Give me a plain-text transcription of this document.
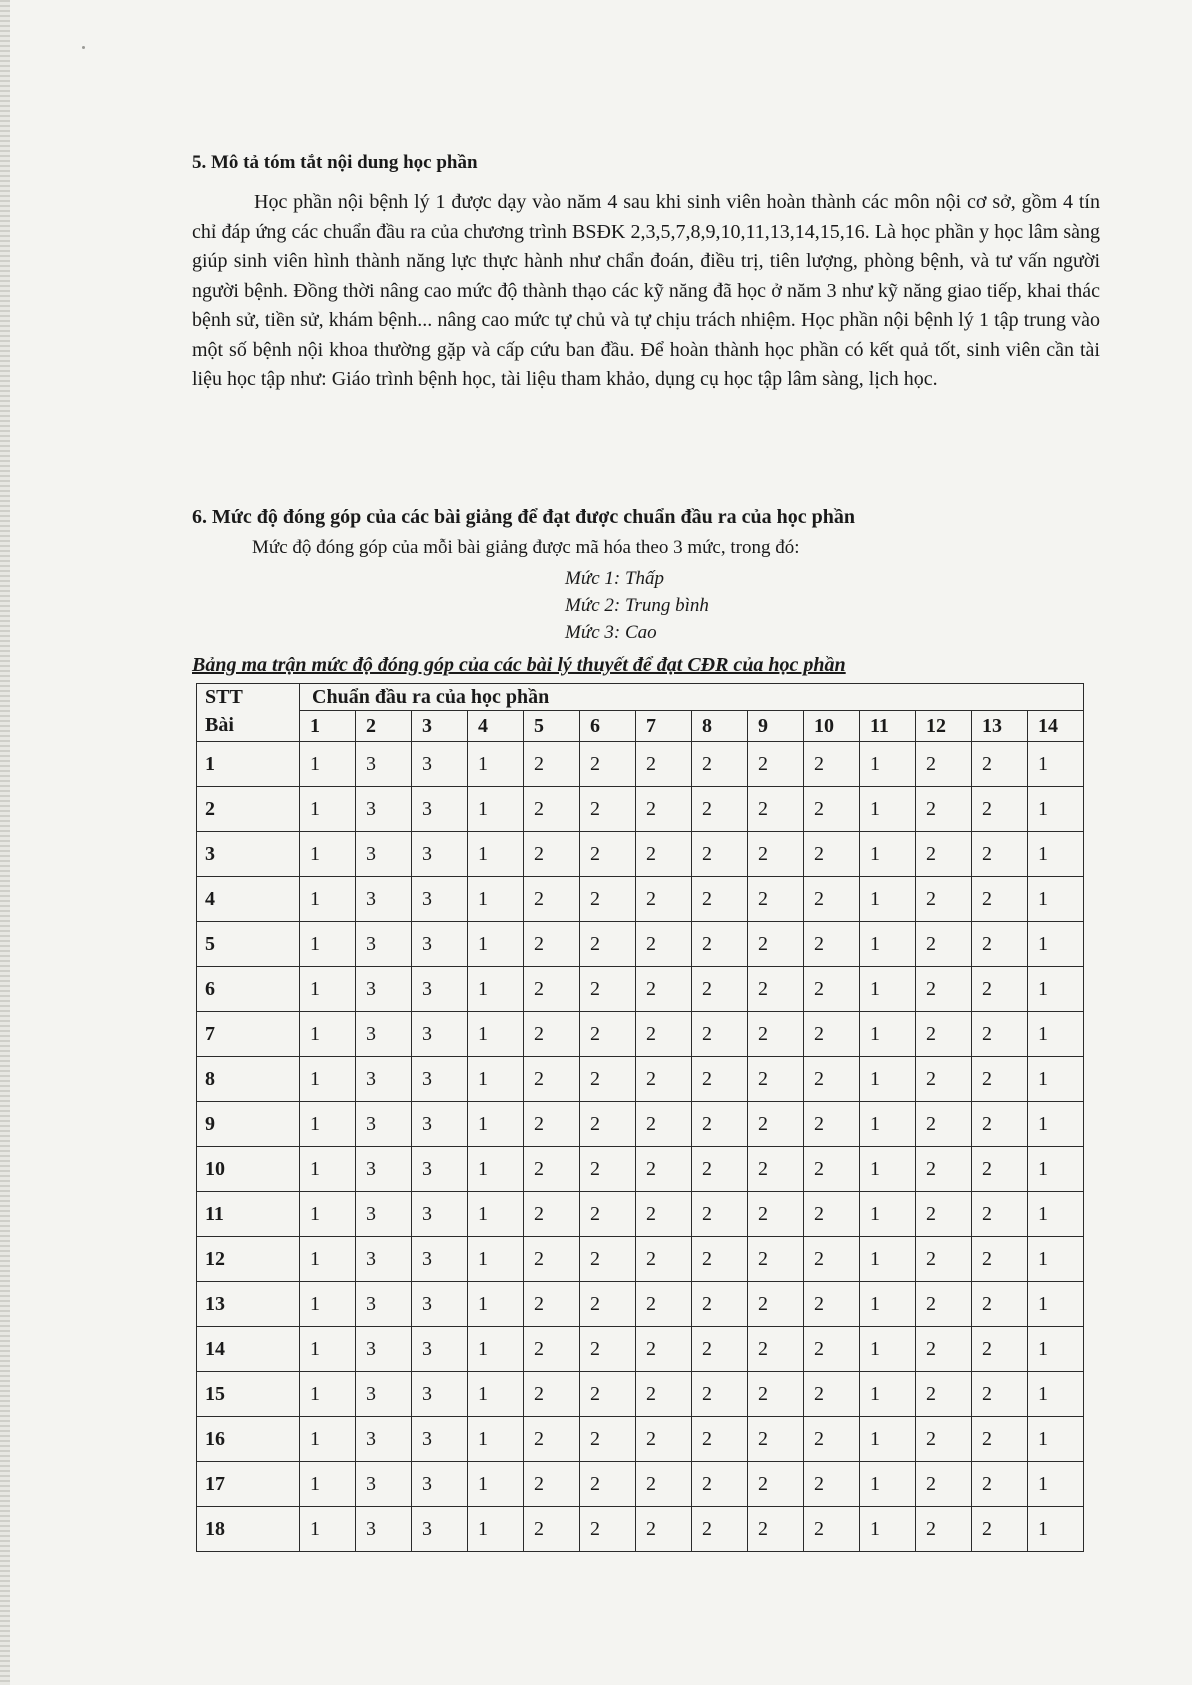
5. Mô tả tóm tắt nội dung học phần
Học phần nội bệnh lý 1 được dạy vào năm 4 sau khi sinh viên hoàn thành các môn nội cơ sở, gồm 4 tín chỉ đáp ứng các chuẩn đầu ra của chương trình BSĐK 2,3,5,7,8,9,10,11,13,14,15,16. Là học phần y học lâm sàng giúp sinh viên hình thành năng lực thực hành như chẩn đoán, điều trị, tiên lượng, phòng bệnh, và tư vấn người người bệnh. Đồng thời nâng cao mức độ thành thạo các kỹ năng đã học ở năm 3 như kỹ năng giao tiếp, khai thác bệnh sử, tiền sử, khám bệnh... nâng cao mức tự chủ và tự chịu trách nhiệm. Học phần nội bệnh lý 1 tập trung vào một số bệnh nội khoa thường gặp và cấp cứu ban đầu. Để hoàn thành học phần có kết quả tốt, sinh viên cần tài liệu học tập như: Giáo trình bệnh học, tài liệu tham khảo, dụng cụ học tập lâm sàng, lịch học.
6. Mức độ đóng góp của các bài giảng để đạt được chuẩn đầu ra của học phần
Mức độ đóng góp của mỗi bài giảng được mã hóa theo 3 mức, trong đó:
Mức 1: Thấp
Mức 2: Trung bình
Mức 3: Cao
Bảng ma trận mức độ đóng góp của các bài lý thuyết để đạt CĐR của học phần
STT	Chuẩn đầu ra của học phần													
Bài	1	2	3	4	5	6	7	8	9	10	11	12	13	14
1	1	3	3	1	2	2	2	2	2	2	1	2	2	1
2	1	3	3	1	2	2	2	2	2	2	1	2	2	1
3	1	3	3	1	2	2	2	2	2	2	1	2	2	1
4	1	3	3	1	2	2	2	2	2	2	1	2	2	1
5	1	3	3	1	2	2	2	2	2	2	1	2	2	1
6	1	3	3	1	2	2	2	2	2	2	1	2	2	1
7	1	3	3	1	2	2	2	2	2	2	1	2	2	1
8	1	3	3	1	2	2	2	2	2	2	1	2	2	1
9	1	3	3	1	2	2	2	2	2	2	1	2	2	1
10	1	3	3	1	2	2	2	2	2	2	1	2	2	1
11	1	3	3	1	2	2	2	2	2	2	1	2	2	1
12	1	3	3	1	2	2	2	2	2	2	1	2	2	1
13	1	3	3	1	2	2	2	2	2	2	1	2	2	1
14	1	3	3	1	2	2	2	2	2	2	1	2	2	1
15	1	3	3	1	2	2	2	2	2	2	1	2	2	1
16	1	3	3	1	2	2	2	2	2	2	1	2	2	1
17	1	3	3	1	2	2	2	2	2	2	1	2	2	1
18	1	3	3	1	2	2	2	2	2	2	1	2	2	1
